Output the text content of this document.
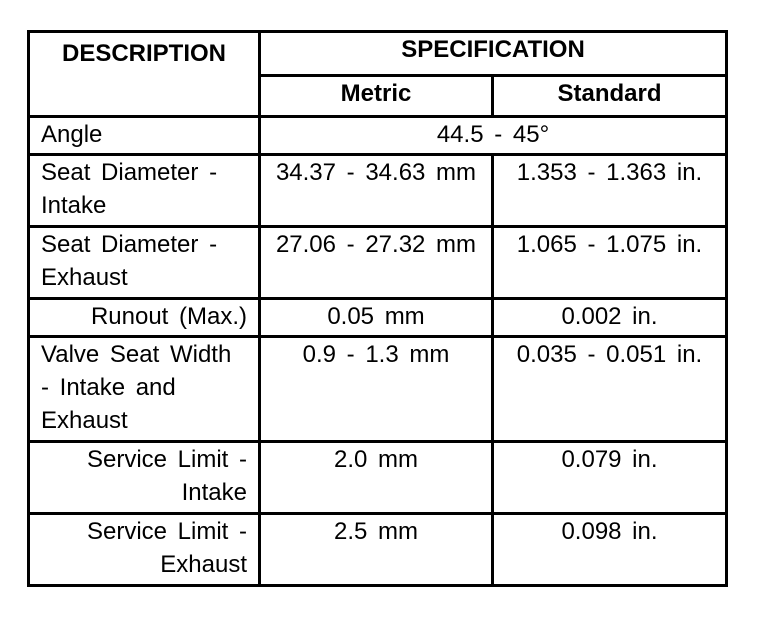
DESCRIPTION	SPECIFICATION	
	Metric	Standard
Angle	44.5 - 45°	
Seat Diameter - Intake	34.37 - 34.63 mm	1.353 - 1.363 in.
Seat Diameter - Exhaust	27.06 - 27.32 mm	1.065 - 1.075 in.
Runout (Max.)	0.05 mm	0.002 in.
Valve Seat Width - Intake and Exhaust	0.9 - 1.3 mm	0.035 - 0.051 in.
Service Limit - Intake	2.0 mm	0.079 in.
Service Limit - Exhaust	2.5 mm	0.098 in.
